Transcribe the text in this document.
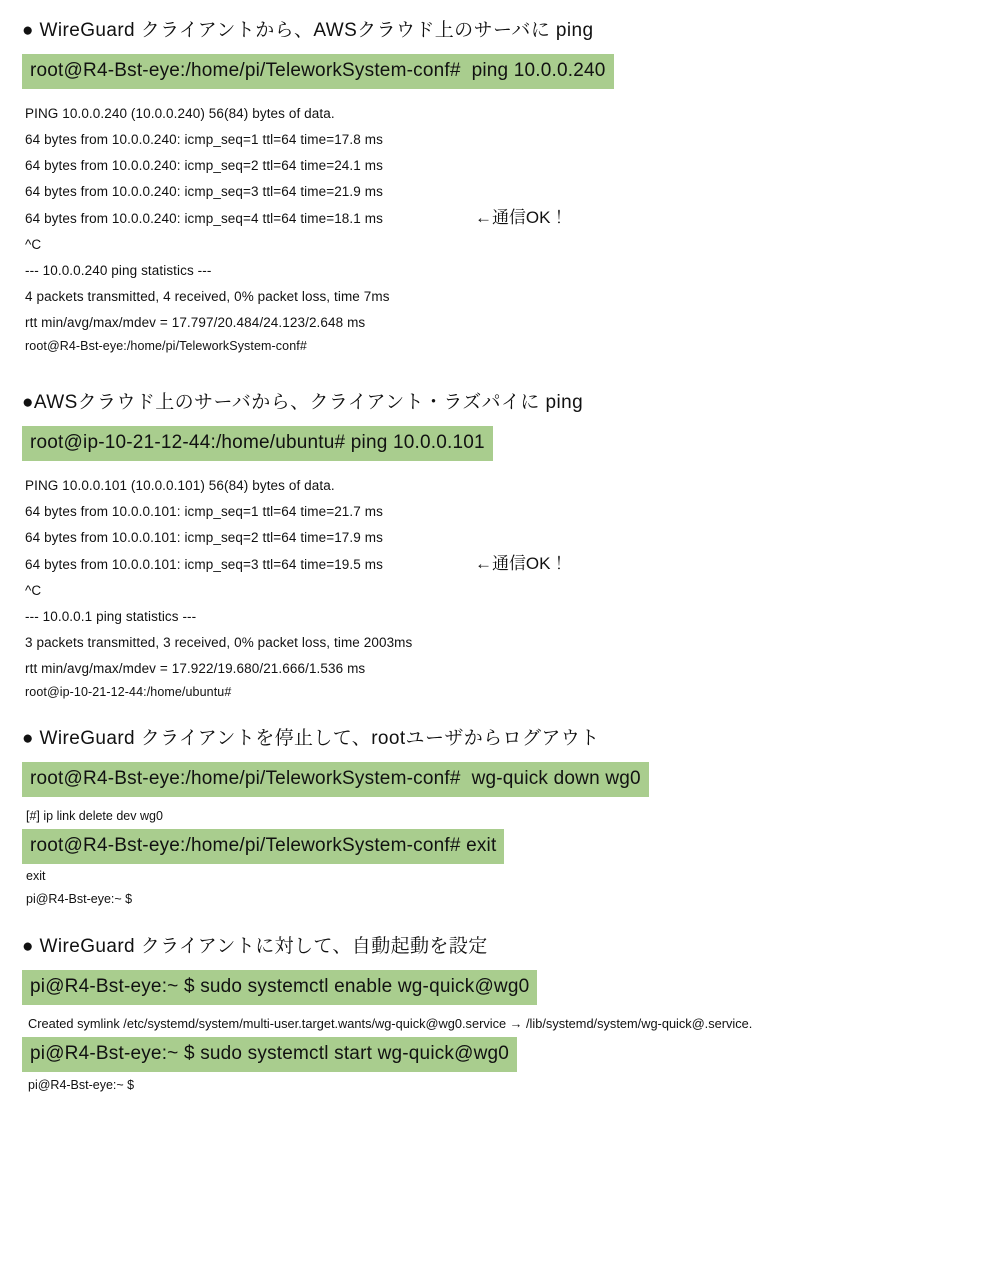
● WireGuard クライアントから、AWSクラウド上のサーバに ping
root@R4-Bst-eye:/home/pi/TeleworkSystem-conf#  ping 10.0.0.240
PING 10.0.0.240 (10.0.0.240) 56(84) bytes of data.
64 bytes from 10.0.0.240: icmp_seq=1 ttl=64 time=17.8 ms
64 bytes from 10.0.0.240: icmp_seq=2 ttl=64 time=24.1 ms
64 bytes from 10.0.0.240: icmp_seq=3 ttl=64 time=21.9 ms
64 bytes from 10.0.0.240: icmp_seq=4 ttl=64 time=18.1 ms	←通信OK！
^C
--- 10.0.0.240 ping statistics ---
4 packets transmitted, 4 received, 0% packet loss, time 7ms
rtt min/avg/max/mdev = 17.797/20.484/24.123/2.648 ms
root@R4-Bst-eye:/home/pi/TeleworkSystem-conf#
●AWSクラウド上のサーバから、クライアント・ラズパイに ping
root@ip-10-21-12-44:/home/ubuntu# ping 10.0.0.101
PING 10.0.0.101 (10.0.0.101) 56(84) bytes of data.
64 bytes from 10.0.0.101: icmp_seq=1 ttl=64 time=21.7 ms
64 bytes from 10.0.0.101: icmp_seq=2 ttl=64 time=17.9 ms
64 bytes from 10.0.0.101: icmp_seq=3 ttl=64 time=19.5 ms	←通信OK！
^C
--- 10.0.0.1 ping statistics ---
3 packets transmitted, 3 received, 0% packet loss, time 2003ms
rtt min/avg/max/mdev = 17.922/19.680/21.666/1.536 ms
root@ip-10-21-12-44:/home/ubuntu#
● WireGuard クライアントを停止して、rootユーザからログアウト
root@R4-Bst-eye:/home/pi/TeleworkSystem-conf#  wg-quick down wg0
[#] ip link delete dev wg0
root@R4-Bst-eye:/home/pi/TeleworkSystem-conf# exit
exit
pi@R4-Bst-eye:~ $
● WireGuard クライアントに対して、自動起動を設定
pi@R4-Bst-eye:~ $ sudo systemctl enable wg-quick@wg0
Created symlink /etc/systemd/system/multi-user.target.wants/wg-quick@wg0.service → /lib/systemd/system/wg-quick@.service.
pi@R4-Bst-eye:~ $ sudo systemctl start wg-quick@wg0
pi@R4-Bst-eye:~ $
